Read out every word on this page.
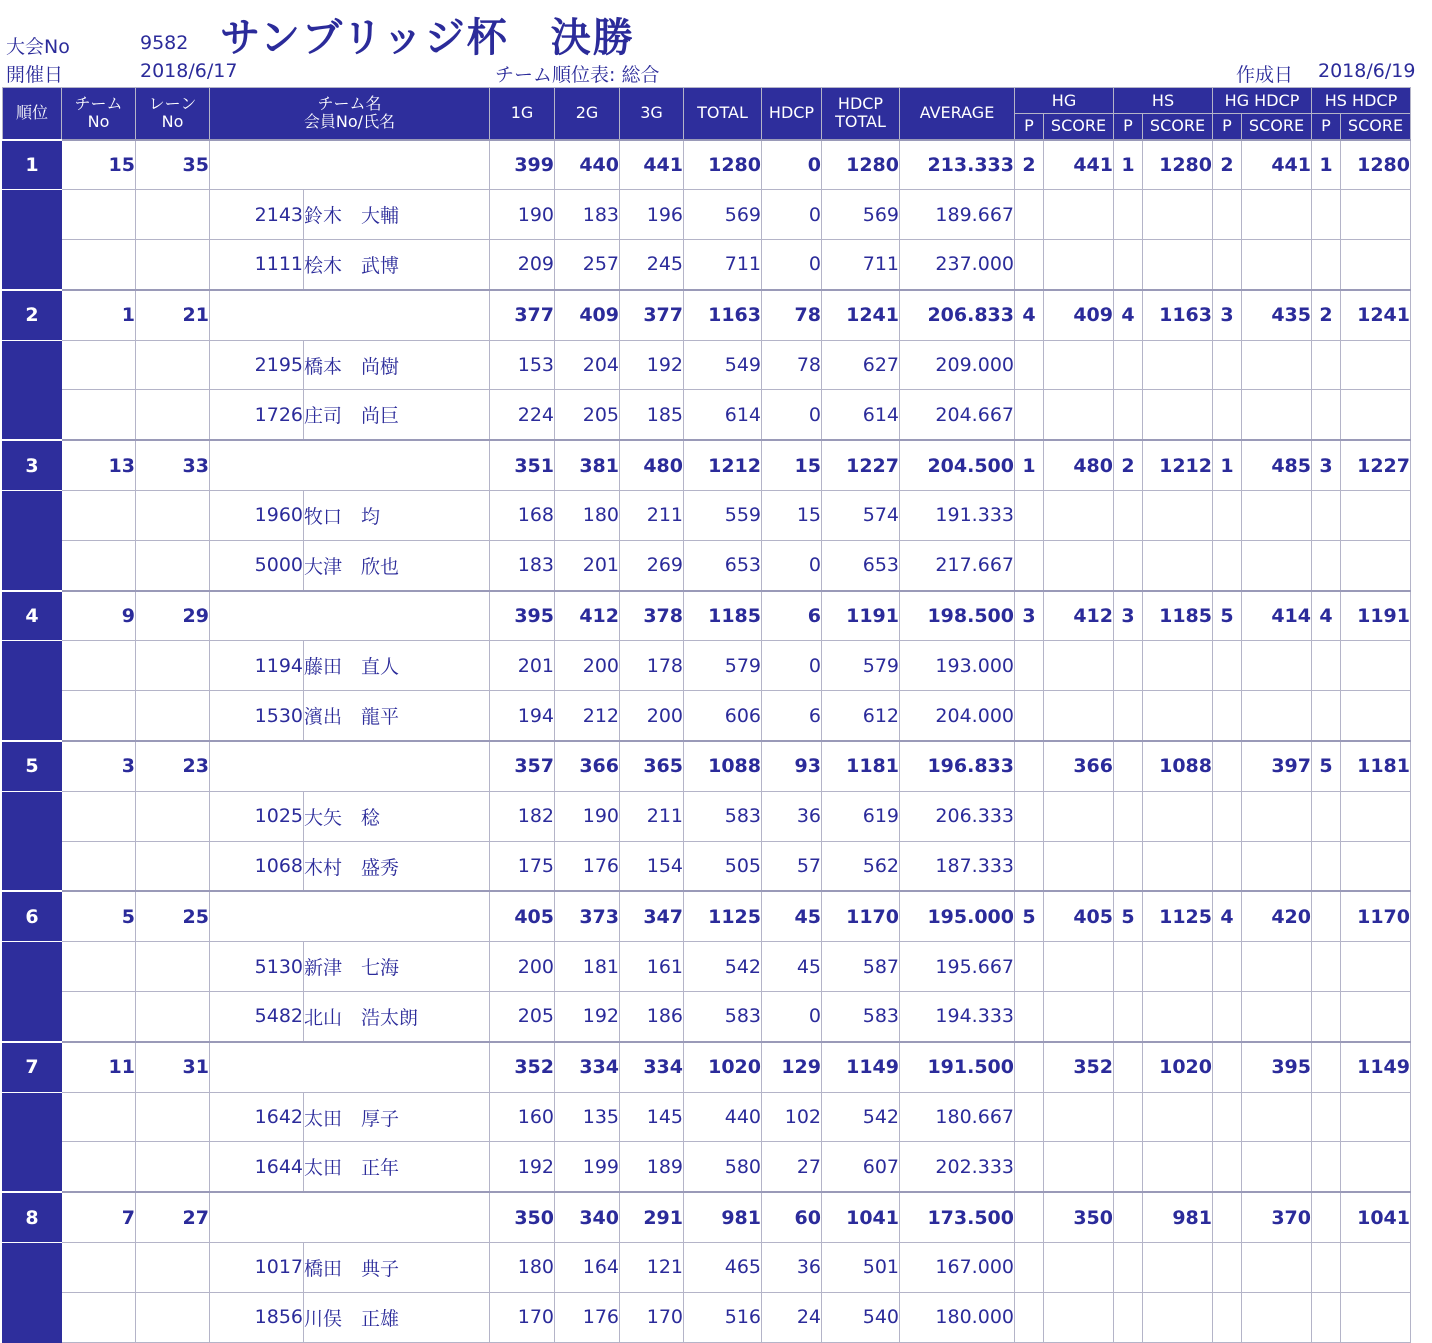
大会No	9582 サンブリッジ杯　決勝
開催日	2018/6/17	チーム順位表: 総合	作成日 2018/6/19
順位	チーム
No	レーン
No	チーム名
会員No/氏名		1G	2G	3G	TOTAL	HDCP	HDCP
TOTAL	AVERAGE	HG		HS		HG HDCP		HS HDCP	
												P	SCORE	P	SCORE	P	SCORE	P	SCORE
1	15	35			399	440	441	1280	0	1280	213.333	2	441	1	1280	2	441	1	1280
			2143	鈴木　大輔	190	183	196	569	0	569	189.667								
			1111	桧木　武博	209	257	245	711	0	711	237.000								
2	1	21			377	409	377	1163	78	1241	206.833	4	409	4	1163	3	435	2	1241
			2195	橋本　尚樹	153	204	192	549	78	627	209.000								
			1726	庄司　尚巨	224	205	185	614	0	614	204.667								
3	13	33			351	381	480	1212	15	1227	204.500	1	480	2	1212	1	485	3	1227
			1960	牧口　均	168	180	211	559	15	574	191.333								
			5000	大津　欣也	183	201	269	653	0	653	217.667								
4	9	29			395	412	378	1185	6	1191	198.500	3	412	3	1185	5	414	4	1191
			1194	藤田　直人	201	200	178	579	0	579	193.000								
			1530	濱出　龍平	194	212	200	606	6	612	204.000								
5	3	23			357	366	365	1088	93	1181	196.833		366		1088		397	5	1181
			1025	大矢　稔	182	190	211	583	36	619	206.333								
			1068	木村　盛秀	175	176	154	505	57	562	187.333								
6	5	25			405	373	347	1125	45	1170	195.000	5	405	5	1125	4	420		1170
			5130	新津　七海	200	181	161	542	45	587	195.667								
			5482	北山　浩太朗	205	192	186	583	0	583	194.333								
7	11	31			352	334	334	1020	129	1149	191.500		352		1020		395		1149
			1642	太田　厚子	160	135	145	440	102	542	180.667								
			1644	太田　正年	192	199	189	580	27	607	202.333								
8	7	27			350	340	291	981	60	1041	173.500		350		981		370		1041
			1017	橋田　典子	180	164	121	465	36	501	167.000								
			1856	川俣　正雄	170	176	170	516	24	540	180.000								
